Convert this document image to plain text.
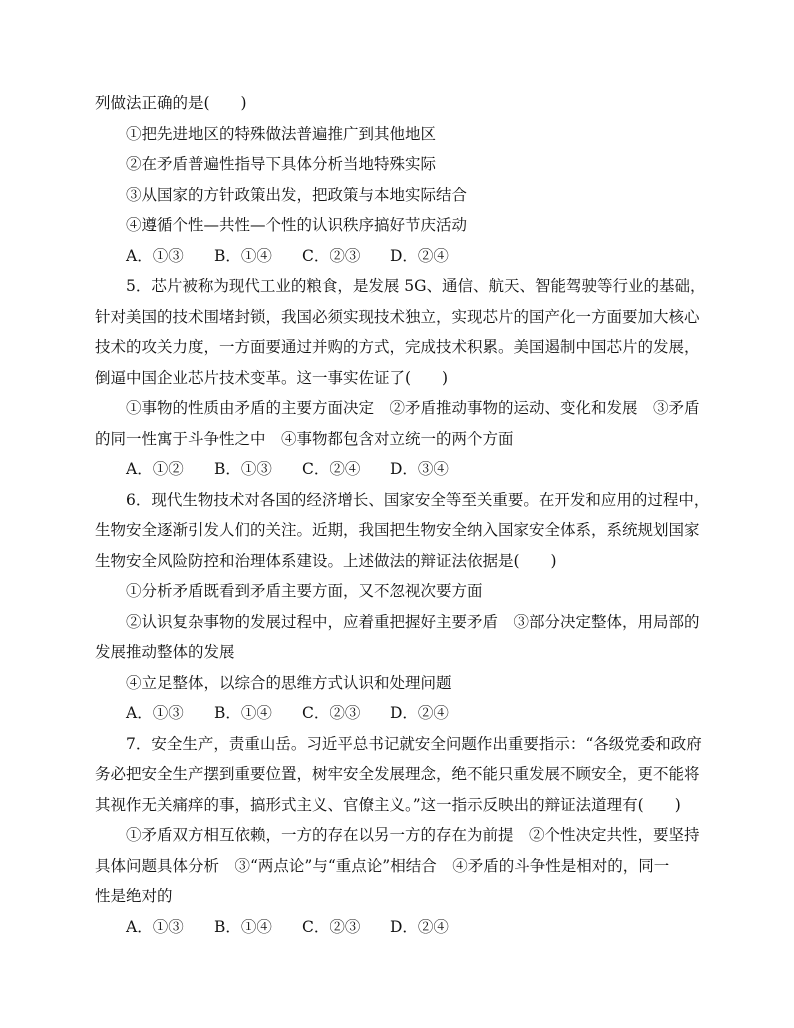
列做法正确的是(　　)
①把先进地区的特殊做法普遍推广到其他地区
②在矛盾普遍性指导下具体分析当地特殊实际
③从国家的方针政策出发，把政策与本地实际结合
④遵循个性—共性—个性的认识秩序搞好节庆活动
A．①③	B．①④	C．②③	D．②④
5．芯片被称为现代工业的粮食，是发展 5G、通信、航天、智能驾驶等行业的基础，
针对美国的技术围堵封锁，我国必须实现技术独立，实现芯片的国产化一方面要加大核心
技术的攻关力度，一方面要通过并购的方式，完成技术积累。美国遏制中国芯片的发展，
倒逼中国企业芯片技术变革。这一事实佐证了(　　)
①事物的性质由矛盾的主要方面决定　②矛盾推动事物的运动、变化和发展　③矛盾
的同一性寓于斗争性之中　④事物都包含对立统一的两个方面
A．①②	B．①③	C．②④	D．③④
6．现代生物技术对各国的经济增长、国家安全等至关重要。在开发和应用的过程中，
生物安全逐渐引发人们的关注。近期，我国把生物安全纳入国家安全体系，系统规划国家
生物安全风险防控和治理体系建设。上述做法的辩证法依据是(　　)
①分析矛盾既看到矛盾主要方面，又不忽视次要方面
②认识复杂事物的发展过程中，应着重把握好主要矛盾　③部分决定整体，用局部的
发展推动整体的发展
④立足整体，以综合的思维方式认识和处理问题
A．①③	B．①④	C．②③	D．②④
7．安全生产，责重山岳。习近平总书记就安全问题作出重要指示：“各级党委和政府
务必把安全生产摆到重要位置，树牢安全发展理念，绝不能只重发展不顾安全，更不能将
其视作无关痛痒的事，搞形式主义、官僚主义。”这一指示反映出的辩证法道理有(　　)
①矛盾双方相互依赖，一方的存在以另一方的存在为前提　②个性决定共性，要坚持
具体问题具体分析　③“两点论”与“重点论”相结合　④矛盾的斗争性是相对的，同一
性是绝对的
A．①③	B．①④	C．②③	D．②④
